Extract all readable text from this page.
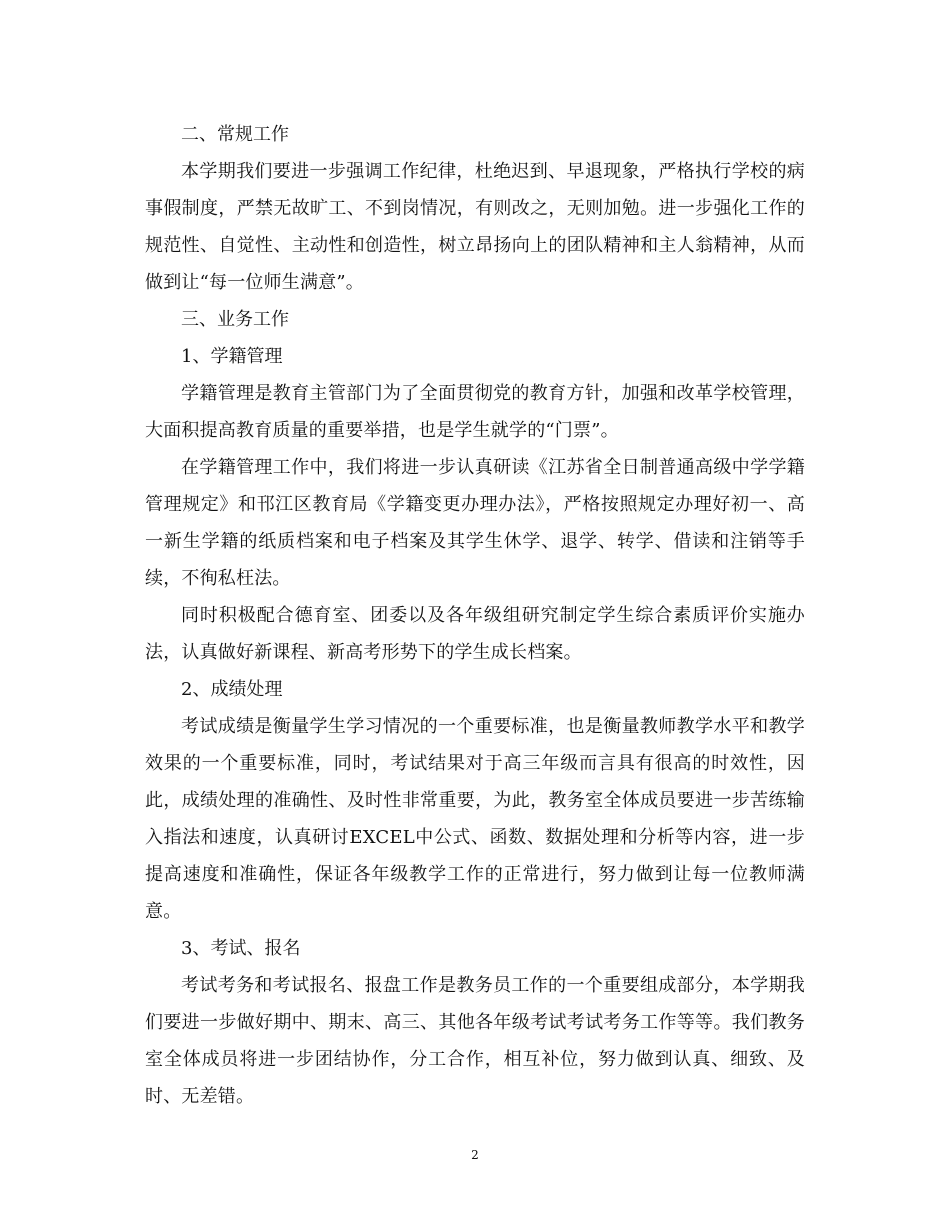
二、常规工作

本学期我们要进一步强调工作纪律，杜绝迟到、早退现象，严格执行学校的病事假制度，严禁无故旷工、不到岗情况，有则改之，无则加勉。进一步强化工作的规范性、自觉性、主动性和创造性，树立昂扬向上的团队精神和主人翁精神，从而做到让“每一位师生满意”。

三、业务工作

1、学籍管理

学籍管理是教育主管部门为了全面贯彻党的教育方针，加强和改革学校管理，大面积提高教育质量的重要举措，也是学生就学的“门票”。

在学籍管理工作中，我们将进一步认真研读《江苏省全日制普通高级中学学籍管理规定》和邗江区教育局《学籍变更办理办法》，严格按照规定办理好初一、高一新生学籍的纸质档案和电子档案及其学生休学、退学、转学、借读和注销等手续，不徇私枉法。

同时积极配合德育室、团委以及各年级组研究制定学生综合素质评价实施办法，认真做好新课程、新高考形势下的学生成长档案。

2、成绩处理

考试成绩是衡量学生学习情况的一个重要标准，也是衡量教师教学水平和教学效果的一个重要标准，同时，考试结果对于高三年级而言具有很高的时效性，因此，成绩处理的准确性、及时性非常重要，为此，教务室全体成员要进一步苦练输入指法和速度，认真研讨EXCEL中公式、函数、数据处理和分析等内容，进一步提高速度和准确性，保证各年级教学工作的正常进行，努力做到让每一位教师满意。

3、考试、报名

考试考务和考试报名、报盘工作是教务员工作的一个重要组成部分，本学期我们要进一步做好期中、期末、高三、其他各年级考试考试考务工作等等。我们教务室全体成员将进一步团结协作，分工合作，相互补位，努力做到认真、细致、及时、无差错。

2
